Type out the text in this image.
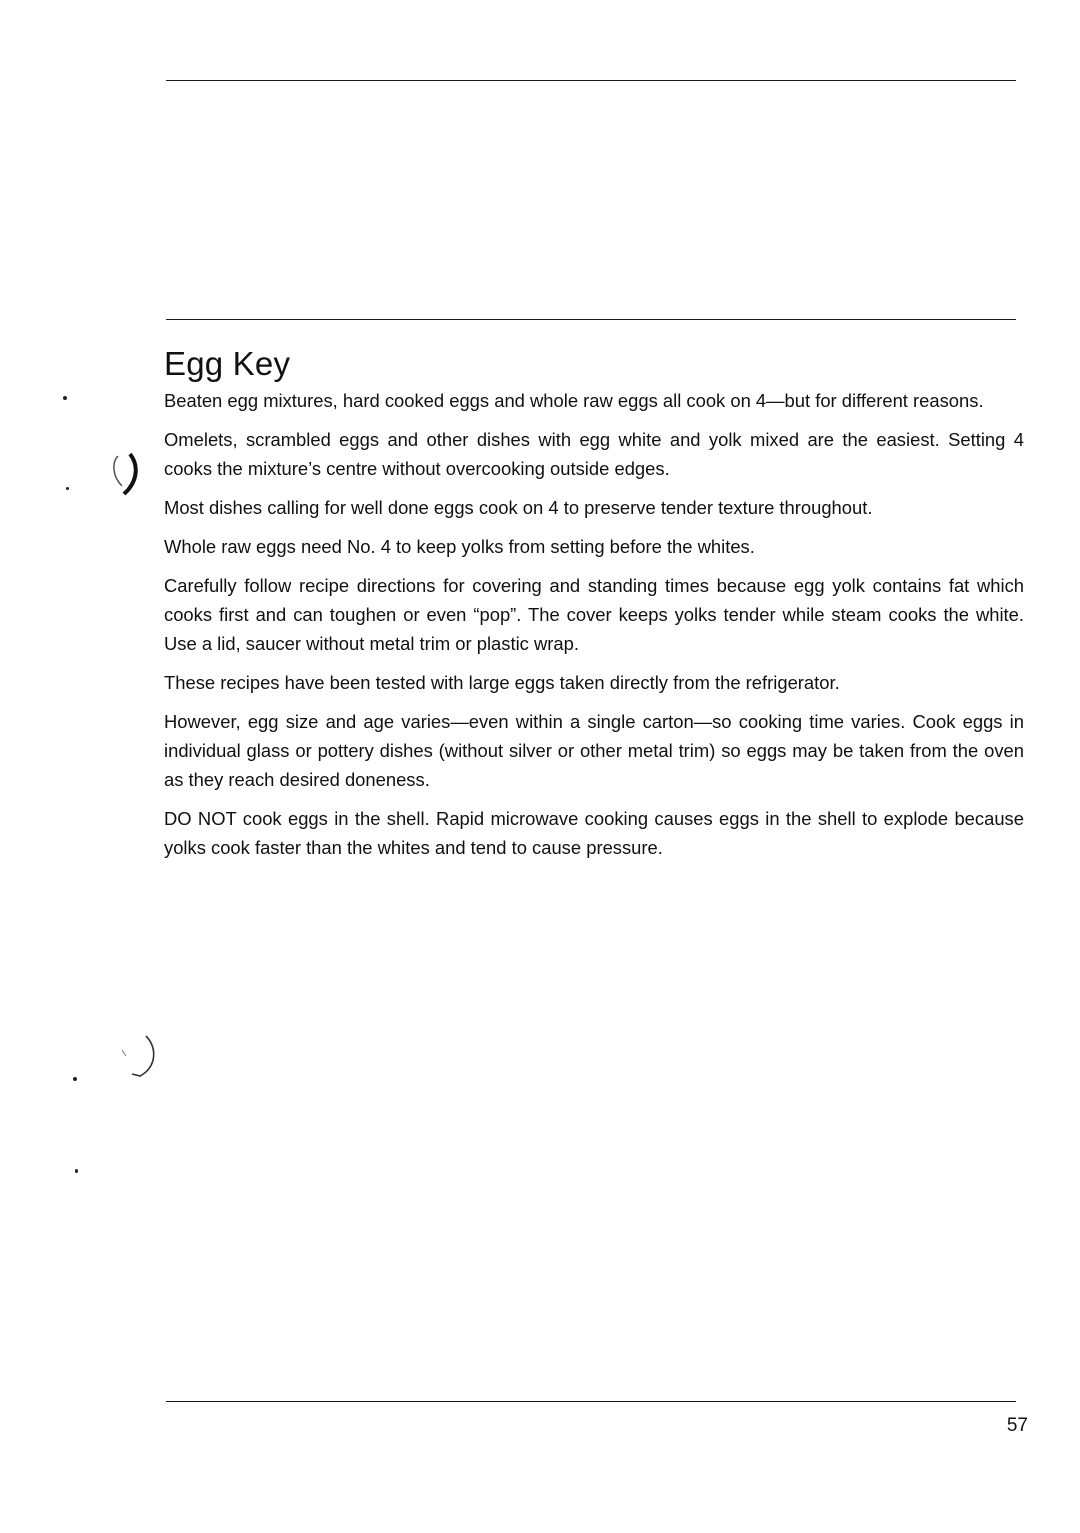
Egg Key

Beaten egg mixtures, hard cooked eggs and whole raw eggs all cook on 4—but for different reasons.

Omelets, scrambled eggs and other dishes with egg white and yolk mixed are the easiest. Setting 4 cooks the mixture’s centre without overcooking outside edges.

Most dishes calling for well done eggs cook on 4 to preserve tender texture throughout.

Whole raw eggs need No. 4 to keep yolks from setting before the whites.

Carefully follow recipe directions for covering and standing times because egg yolk contains fat which cooks first and can toughen or even “pop”. The cover keeps yolks tender while steam cooks the white. Use a lid, saucer without metal trim or plastic wrap.

These recipes have been tested with large eggs taken directly from the refrigerator.

However, egg size and age varies—even within a single carton—so cooking time varies. Cook eggs in individual glass or pottery dishes (without silver or other metal trim) so eggs may be taken from the oven as they reach desired doneness.

DO NOT cook eggs in the shell. Rapid microwave cooking causes eggs in the shell to explode because yolks cook faster than the whites and tend to cause pressure.

57
